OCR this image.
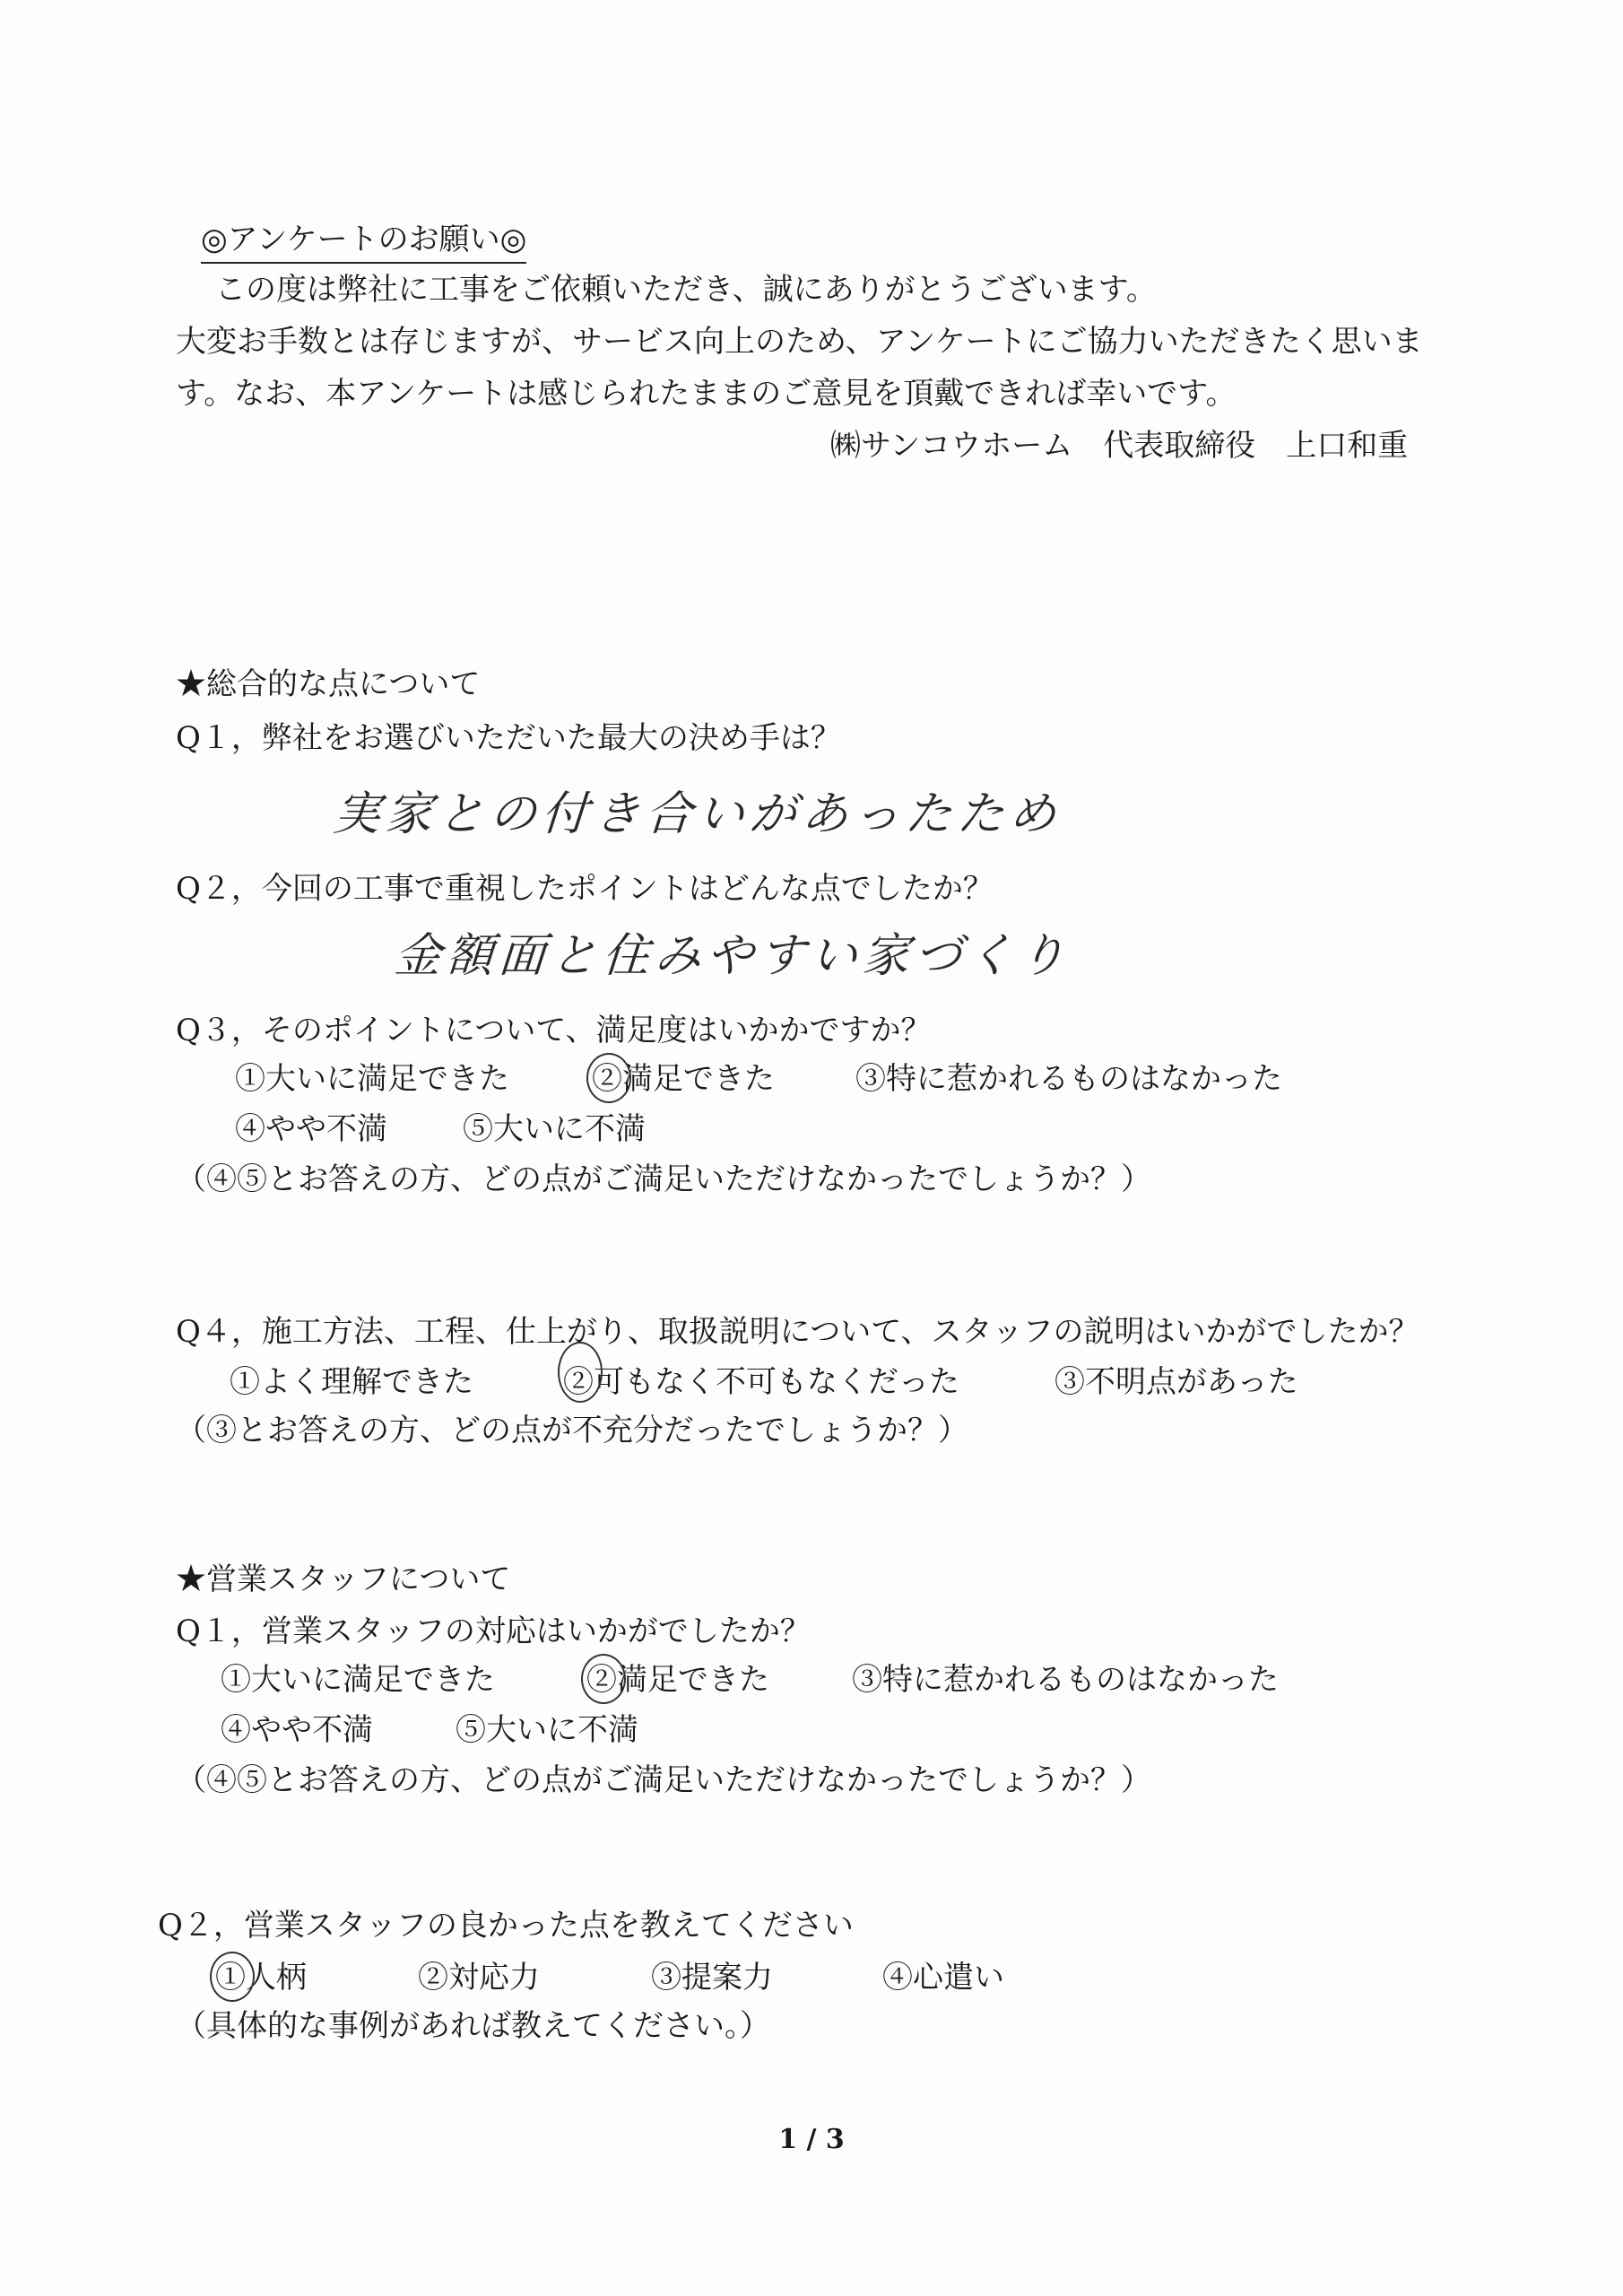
◎アンケートのお願い◎
この度は弊社に工事をご依頼いただき、誠にありがとうございます。
大変お手数とは存じますが、サービス向上のため、アンケートにご協力いただきたく思いま
す。なお、本アンケートは感じられたままのご意見を頂戴できれば幸いです。
㈱サンコウホーム　代表取締役　上口和重
★総合的な点について
Q１，弊社をお選びいただいた最大の決め手は？
実家との付き合いがあったため
Q２，今回の工事で重視したポイントはどんな点でしたか？
金額面と住みやすい家づくり
Q３，そのポイントについて、満足度はいかかですか？
①大いに満足できた	②満足できた	③特に惹かれるものはなかった
④やや不満 ⑤大いに不満
（④⑤とお答えの方、どの点がご満足いただけなかったでしょうか？）
Q４，施工方法、工程、仕上がり、取扱説明について、スタッフの説明はいかがでしたか？
①よく理解できた	②可もなく不可もなくだった	③不明点があった
（③とお答えの方、どの点が不充分だったでしょうか？）
★営業スタッフについて
Q１，営業スタッフの対応はいかがでしたか？
①大いに満足できた	②満足できた	③特に惹かれるものはなかった
④やや不満	⑤大いに不満
（④⑤とお答えの方、どの点がご満足いただけなかったでしょうか？）
Q２，営業スタッフの良かった点を教えてください
①人柄	②対応力	③提案力	④心遣い
（具体的な事例があれば教えてください。）
1 / 3
